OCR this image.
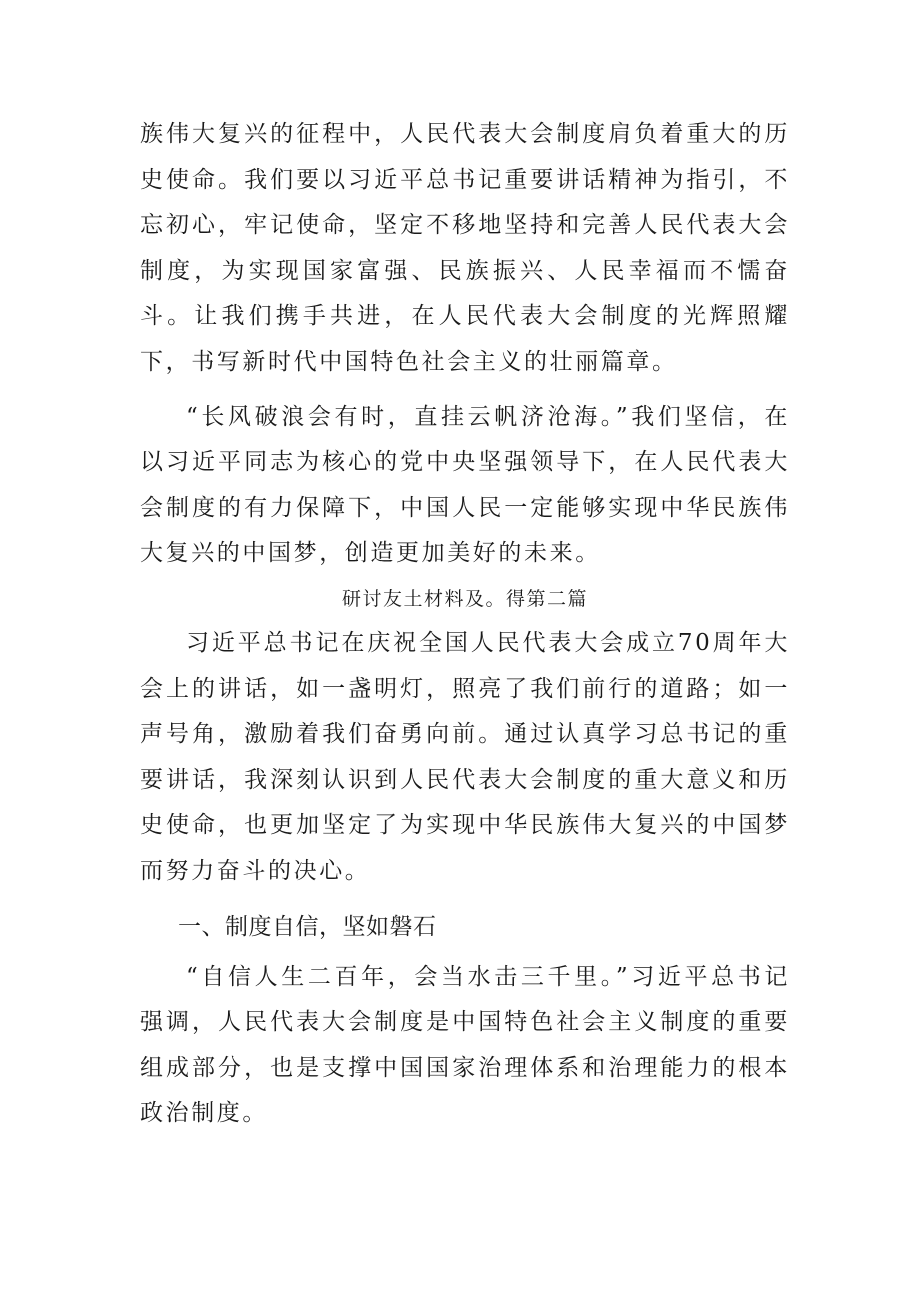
族伟大复兴的征程中，人民代表大会制度肩负着重大的历史使命。我们要以习近平总书记重要讲话精神为指引，不忘初心，牢记使命，坚定不移地坚持和完善人民代表大会制度，为实现国家富强、民族振兴、人民幸福而不懦奋斗。让我们携手共进，在人民代表大会制度的光辉照耀下，书写新时代中国特色社会主义的壮丽篇章。

“长风破浪会有时，直挂云帆济沧海。”我们坚信，在以习近平同志为核心的党中央坚强领导下，在人民代表大会制度的有力保障下，中国人民一定能够实现中华民族伟大复兴的中国梦，创造更加美好的未来。

研讨友土材料及。得第二篇

习近平总书记在庆祝全国人民代表大会成立70周年大会上的讲话，如一盏明灯，照亮了我们前行的道路；如一声号角，激励着我们奋勇向前。通过认真学习总书记的重要讲话，我深刻认识到人民代表大会制度的重大意义和历史使命，也更加坚定了为实现中华民族伟大复兴的中国梦而努力奋斗的决心。

一、制度自信，坚如磐石

“自信人生二百年，会当水击三千里。”习近平总书记强调，人民代表大会制度是中国特色社会主义制度的重要组成部分，也是支撑中国国家治理体系和治理能力的根本政治制度。
